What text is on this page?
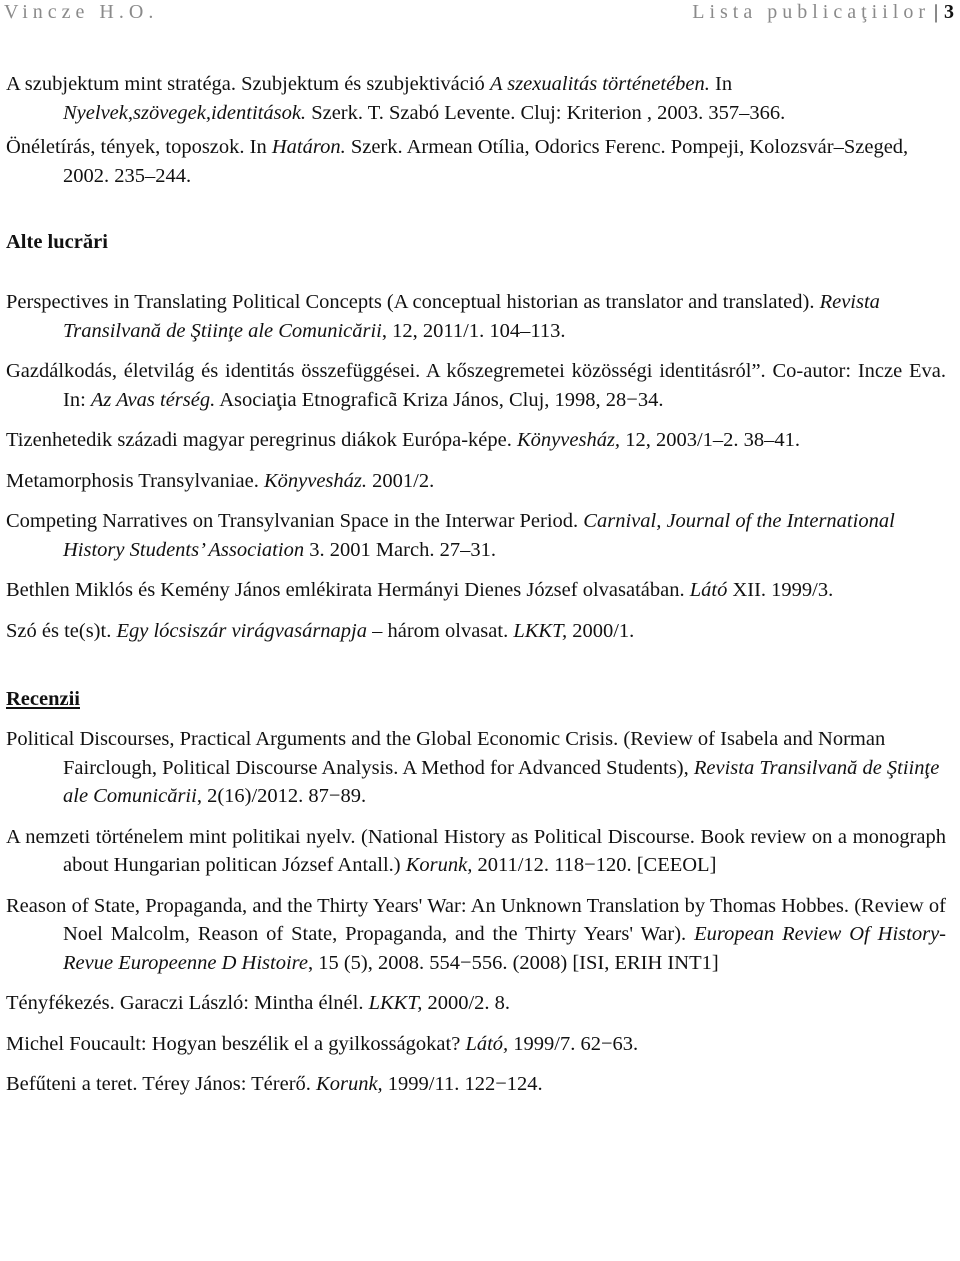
Vincze H.O.	Lista publicaţiilor | 3
A szubjektum mint stratéga. Szubjektum és szubjektiváció A szexualitás történetében. In Nyelvek,szövegek,identitások. Szerk. T. Szabó Levente. Cluj: Kriterion , 2003. 357–366.
Önéletírás, tények, toposzok. In Határon. Szerk. Armean Otília, Odorics Ferenc. Pompeji, Kolozsvár–Szeged, 2002. 235–244.
Alte lucrări
Perspectives in Translating Political Concepts (A conceptual historian as translator and translated). Revista Transilvană de Ştiinţe ale Comunicării, 12, 2011/1. 104–113.
Gazdálkodás, életvilág és identitás összefüggései. A kőszegremetei közösségi identitásról”. Co-autor: Incze Eva. In: Az Avas térség. Asociaţia Etnograficã Kriza János, Cluj, 1998, 28−34.
Tizenhetedik századi magyar peregrinus diákok Európa-képe. Könyvesház, 12, 2003/1–2. 38–41.
Metamorphosis Transylvaniae. Könyvesház. 2001/2.
Competing Narratives on Transylvanian Space in the Interwar Period. Carnival, Journal of the International History Students’ Association 3. 2001 March. 27–31.
Bethlen Miklós és Kemény János emlékirata Hermányi Dienes József olvasatában. Látó XII. 1999/3.
Szó és te(s)t. Egy lócsiszár virágvasárnapja – három olvasat. LKKT, 2000/1.
Recenzii
Political Discourses, Practical Arguments and the Global Economic Crisis. (Review of Isabela and Norman Fairclough, Political Discourse Analysis. A Method for Advanced Students), Revista Transilvană de Ştiinţe ale Comunicării, 2(16)/2012. 87−89.
A nemzeti történelem mint politikai nyelv. (National History as Political Discourse. Book review on a monograph about Hungarian politican József Antall.) Korunk, 2011/12. 118−120. [CEEOL]
Reason of State, Propaganda, and the Thirty Years' War: An Unknown Translation by Thomas Hobbes. (Review of Noel Malcolm, Reason of State, Propaganda, and the Thirty Years' War). European Review Of History-Revue Europeenne D Histoire, 15 (5), 2008. 554−556. (2008) [ISI, ERIH INT1]
Tényfékezés. Garaczi László: Mintha élnél. LKKT, 2000/2. 8.
Michel Foucault: Hogyan beszélik el a gyilkosságokat? Látó, 1999/7. 62−63.
Befűteni a teret. Térey János: Térerő. Korunk, 1999/11. 122−124.
